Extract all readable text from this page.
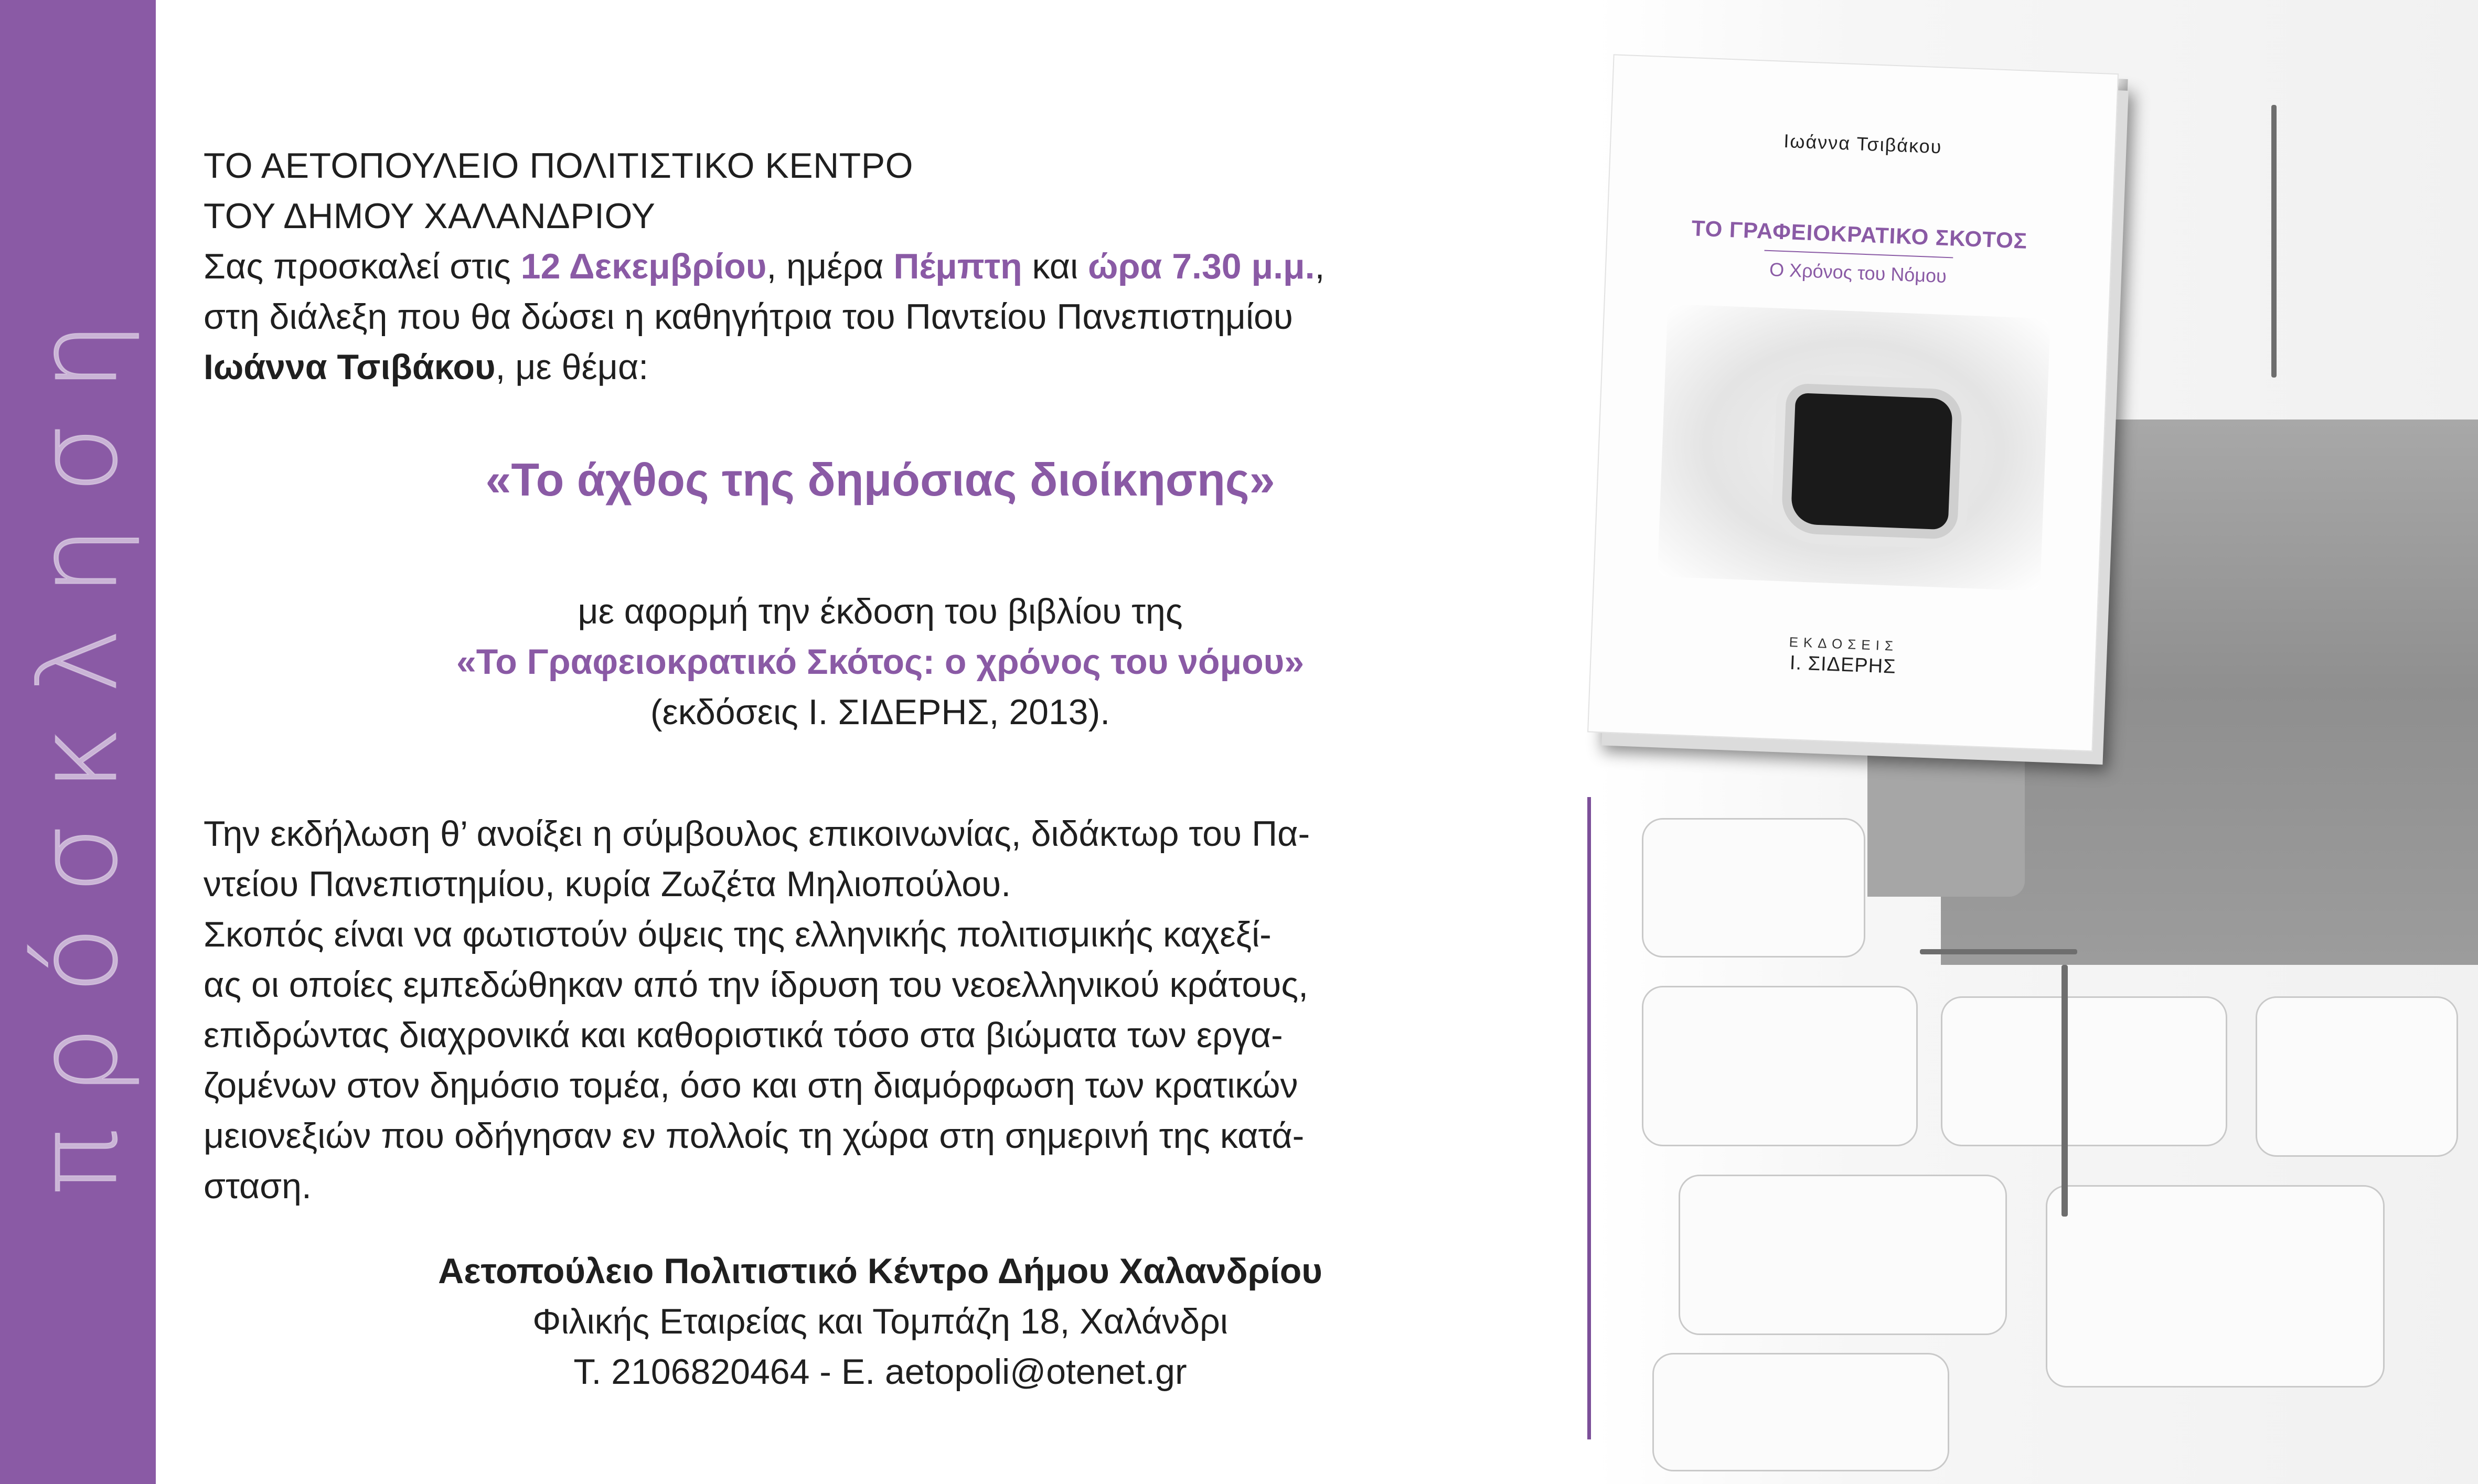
πρόσκληση

ΤΟ ΑΕΤΟΠΟΥΛΕΙΟ ΠΟΛΙΤΙΣΤΙΚΟ ΚΕΝΤΡΟ

ΤΟΥ ΔΗΜΟΥ ΧΑΛΑΝΔΡΙΟΥ

Σας προσκαλεί στις 12 Δεκεμβρίου, ημέρα Πέμπτη και ώρα 7.30 μ.μ.,

στη διάλεξη που θα δώσει η καθηγήτρια του Παντείου Πανεπιστημίου

Ιωάννα Τσιβάκου, με θέμα:

«Το άχθος της δημόσιας διοίκησης»

με αφορμή την έκδοση του βιβλίου της

«Το Γραφειοκρατικό Σκότος: ο χρόνος του νόμου»

(εκδόσεις Ι. ΣΙΔΕΡΗΣ, 2013).

Την εκδήλωση θ’ ανοίξει η σύμβουλος επικοινωνίας, διδάκτωρ του Πα-

ντείου Πανεπιστημίου, κυρία Ζωζέτα Μηλιοπούλου.

Σκοπός είναι να φωτιστούν όψεις της ελληνικής πολιτισμικής καχεξί-

ας οι οποίες εμπεδώθηκαν από την ίδρυση του νεοελληνικού κράτους,

επιδρώντας διαχρονικά και καθοριστικά τόσο στα βιώματα των εργα-

ζομένων στον δημόσιο τομέα, όσο και στη διαμόρφωση των κρατικών

μειονεξιών που οδήγησαν εν πολλοίς τη χώρα στη σημερινή της κατά-

σταση.

Αετοπούλειο Πολιτιστικό Κέντρο Δήμου Χαλανδρίου

Φιλικής Εταιρείας και Τομπάζη 18, Χαλάνδρι

Τ. 2106820464 - Ε. aetopoli@otenet.gr

Ιωάννα Τσιβάκου
ΤΟ ΓΡΑΦΕΙΟΚΡΑΤΙΚΟ ΣΚΟΤΟΣ
Ο Χρόνος του Νόμου
ΕΚΔΟΣΕΙΣ
Ι. ΣΙΔΕΡΗΣ
